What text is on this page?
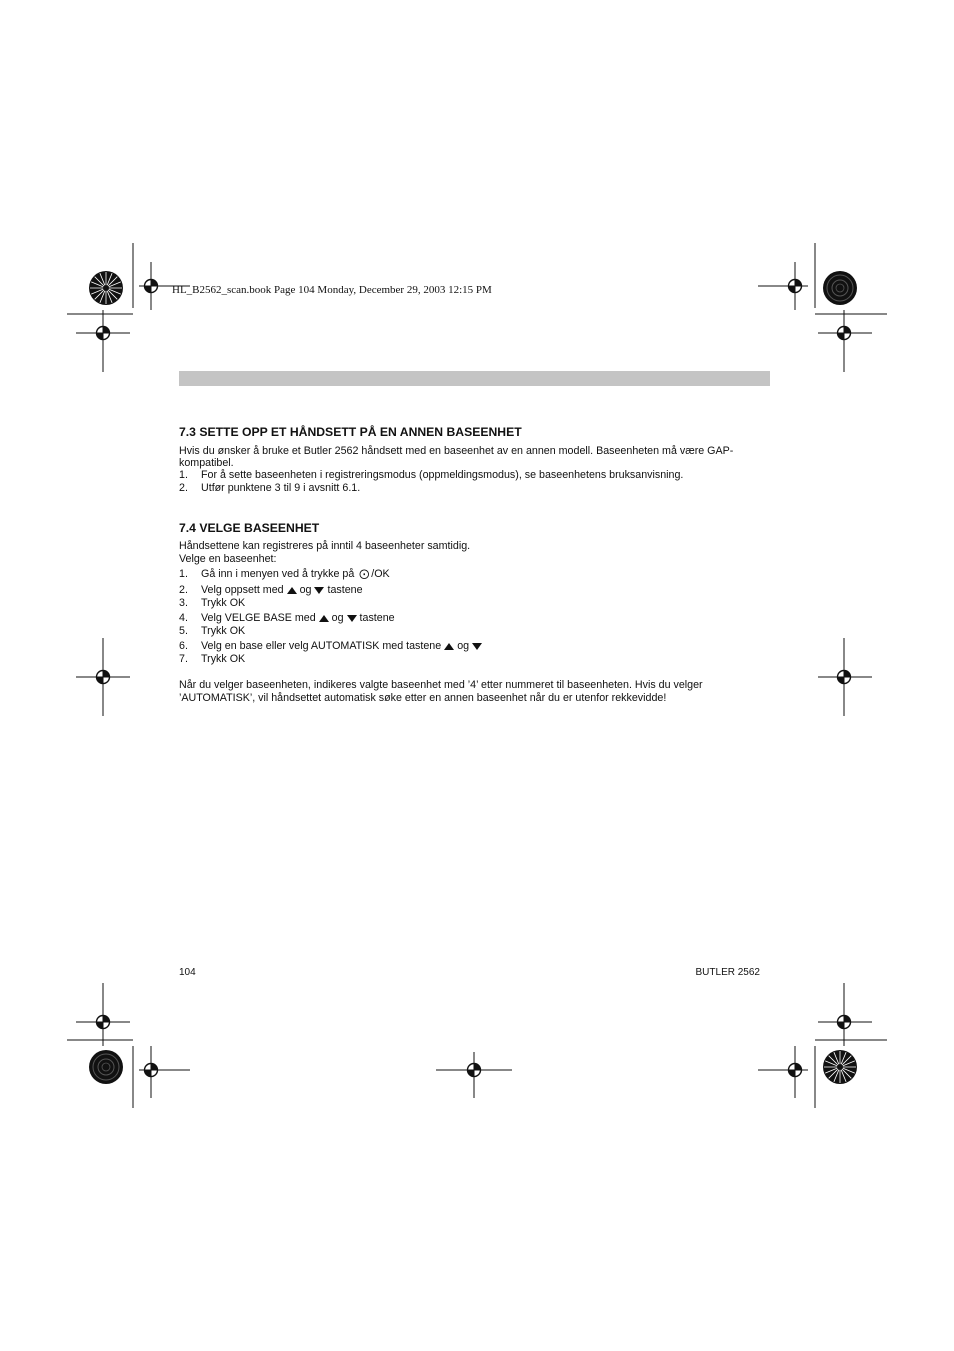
HL_B2562_scan.book Page 104 Monday, December 29, 2003 12:15 PM
7.3 SETTE OPP ET HÅNDSETT PÅ EN ANNEN BASEENHET
Hvis du ønsker å bruke et Butler 2562 håndsett med en baseenhet av en annen modell. Baseenheten må være GAP-
kompatibel.
1. For å sette baseenheten i registreringsmodus (oppmeldingsmodus), se baseenhetens bruksanvisning.
2. Utfør punktene 3 til 9 i avsnitt 6.1.
7.4 VELGE BASEENHET
Håndsettene kan registreres på inntil 4 baseenheter samtidig.
Velge en baseenhet:
1. Gå inn i menyen ved å trykke på ⨀ /OK
2. Velg oppsett med og tastene
3. Trykk OK
4. Velg VELGE BASE med og tastene
5. Trykk OK
6. Velg en base eller velg AUTOMATISK med tastene og
7. Trykk OK
Når du velger baseenheten, indikeres valgte baseenhet med ’4’ etter nummeret til baseenheten. Hvis du velger
’AUTOMATISK’, vil håndsettet automatisk søke etter en annen baseenhet når du er utenfor rekkevidde!
104	BUTLER 2562
